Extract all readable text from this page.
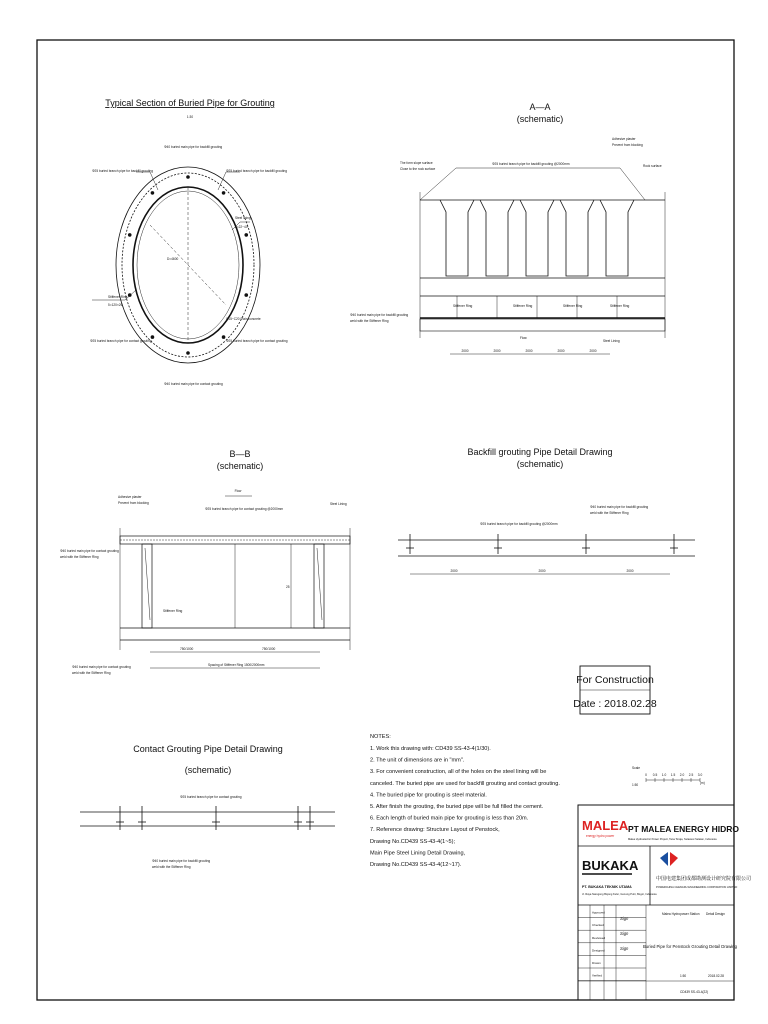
Typical Section of Buried Pipe for Grouting
1:30
D=4600
Φ40 buried main pipe for backfill grouting
Φ25 buried branch pipe for backfill grouting	Φ25 buried branch pipe for backfill grouting
Steel lining
δ=22~40
Stiffener Ring
δ=120×26
C15~C20 Plain concrete
Φ25 buried branch pipe for contact grouting	Φ25 buried branch pipe for contact grouting
Φ40 buried main pipe for contact grouting
A—A
(schematic)
The form slope surface
Close to the rock surface
Φ25 buried branch pipe for backfill grouting @2000mm
Adhesive plaster
Prevent from blocking
Rock surface
Stiffener Ring	Stiffener Ring	Stiffener Ring	Stiffener Ring
Φ40 buried main pipe for backfill grouting
weld with the Stiffener Ring
Flow
Steel Lining
2000	2000	2000	2000	2000
B—B
(schematic)
Flow
Adhesive plaster
Prevent from blocking
Φ25 buried branch pipe for contact grouting @2000mm
Steel Lining
Φ40 buried main pipe for contact grouting
weld with the Stiffener Ring
Stiffener Ring
25
Φ40 buried main pipe for contact grouting
weld with the Stiffener Ring
750/1000	750/1000
Spacing of Stiffener Ring 1500/2000mm
Backfill grouting Pipe Detail Drawing
(schematic)
Φ40 buried main pipe for backfill grouting
weld with the Stiffener Ring
Φ25 buried branch pipe for backfill grouting @2000mm
2000	2000	2000
For Construction
Date : 2018.02.28
Contact Grouting Pipe Detail Drawing
(schematic)
Φ25 buried branch pipe for contact grouting
Φ40 buried main pipe for backfill grouting
weld with the Stiffener Ring
NOTES:
1. Work this drawing with: CD439 SS-43-4(1/30).
2. The unit of dimensions are in "mm".
3. For convenient construction, all of the holes on the steel lining will be
canceled. The buried pipe are used for backfill grouting and contact grouting.
4. The buried pipe for grouting is steel material.
5. After finish the grouting, the buried pipe will be full filled the cement.
6. Each length of buried main pipe for grouting is less than 20m.
7. Reference drawing: Structure Layout of Penstock,
Drawing No.CD439 SS-43-4(1~5);
Main Pipe Steel Lining Detail Drawing,
Drawing No.CD439 SS-43-4(12~17).
Scale
1:50
0 0.5 1.0 1.5 2.0 2.5 3.0
(m)
MALEA
energy hydro power
PT MALEA ENERGY HIDRO
Malea Hydroelectric Power Project, Tana Toraja, Sulawesi Selatan, Indonesia
BUKAKA
PT. BUKAKA TEKNIK UTAMA
Jl. Raya Narogong Bojong Kulur, Gunung Putri, Bogor, Indonesia
中国电建集团成都勘测设计研究院有限公司
POWERCHINA CHENGDU ENGINEERING CORPORATION LIMITED
Approved
Checked
Reviewed
Designed
Drawn
Verified
Malea Hydropower Station Detail Design
Buried Pipe for Penstock Grouting Detail Drawing
1:50	2018.02.28
CD439 SS-43-4(22)
Sign
Sign
Sign
